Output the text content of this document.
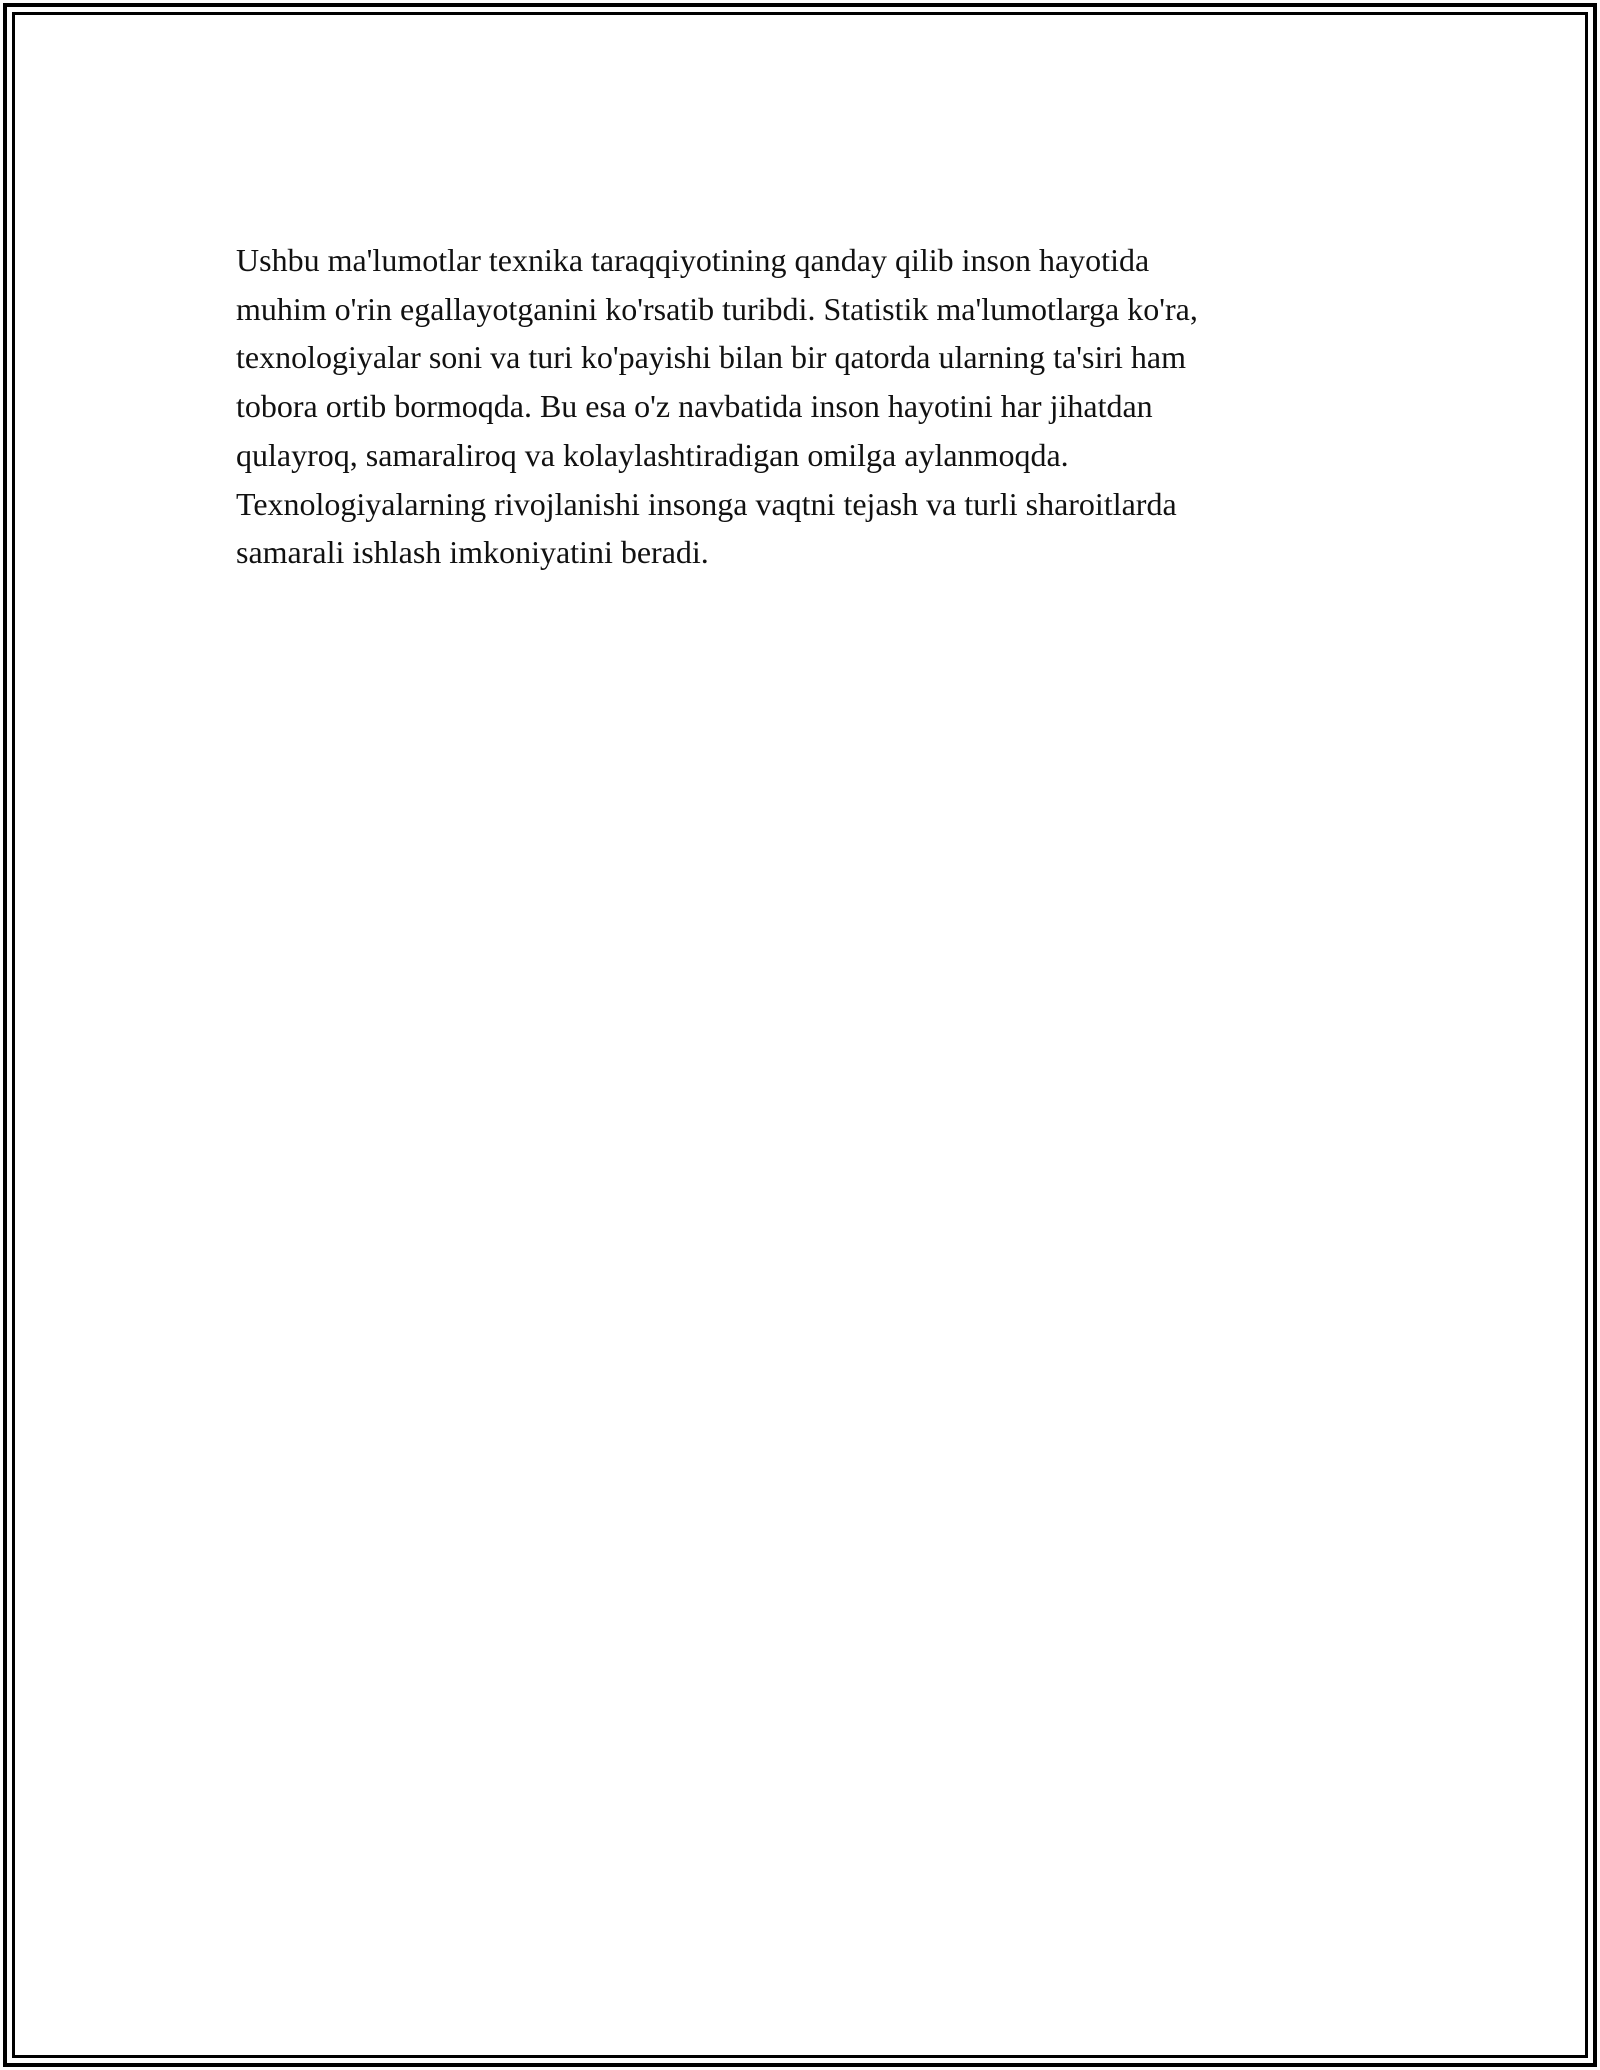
Ushbu ma'lumotlar texnika taraqqiyotining qanday qilib inson hayotida
muhim o'rin egallayotganini ko'rsatib turibdi. Statistik ma'lumotlarga ko'ra,
texnologiyalar soni va turi ko'payishi bilan bir qatorda ularning ta'siri ham
tobora ortib bormoqda. Bu esa o'z navbatida inson hayotini har jihatdan
qulayroq, samaraliroq va kolaylashtiradigan omilga aylanmoqda.
Texnologiyalarning rivojlanishi insonga vaqtni tejash va turli sharoitlarda
samarali ishlash imkoniyatini beradi.
